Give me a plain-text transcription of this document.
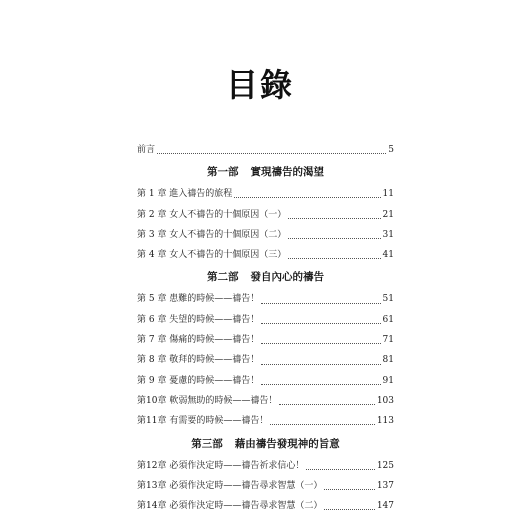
目錄
前言	5
第一部 實現禱告的渴望
第 1 章 進入禱告的旅程	11
第 2 章 女人不禱告的十個原因（一）	21
第 3 章 女人不禱告的十個原因（二）	31
第 4 章 女人不禱告的十個原因（三）	41
第二部 發自內心的禱告
第 5 章 患難的時候——禱告！	51
第 6 章 失望的時候——禱告！	61
第 7 章 傷痛的時候——禱告！	71
第 8 章 敬拜的時候——禱告！	81
第 9 章 憂慮的時候——禱告！	91
第10章 軟弱無助的時候——禱告！	103
第11章 有需要的時候——禱告！	113
第三部 藉由禱告發現神的旨意
第12章 必須作決定時——禱告祈求信心！	125
第13章 必須作決定時——禱告尋求智慧（一）	137
第14章 必須作決定時——禱告尋求智慧（二）	147
